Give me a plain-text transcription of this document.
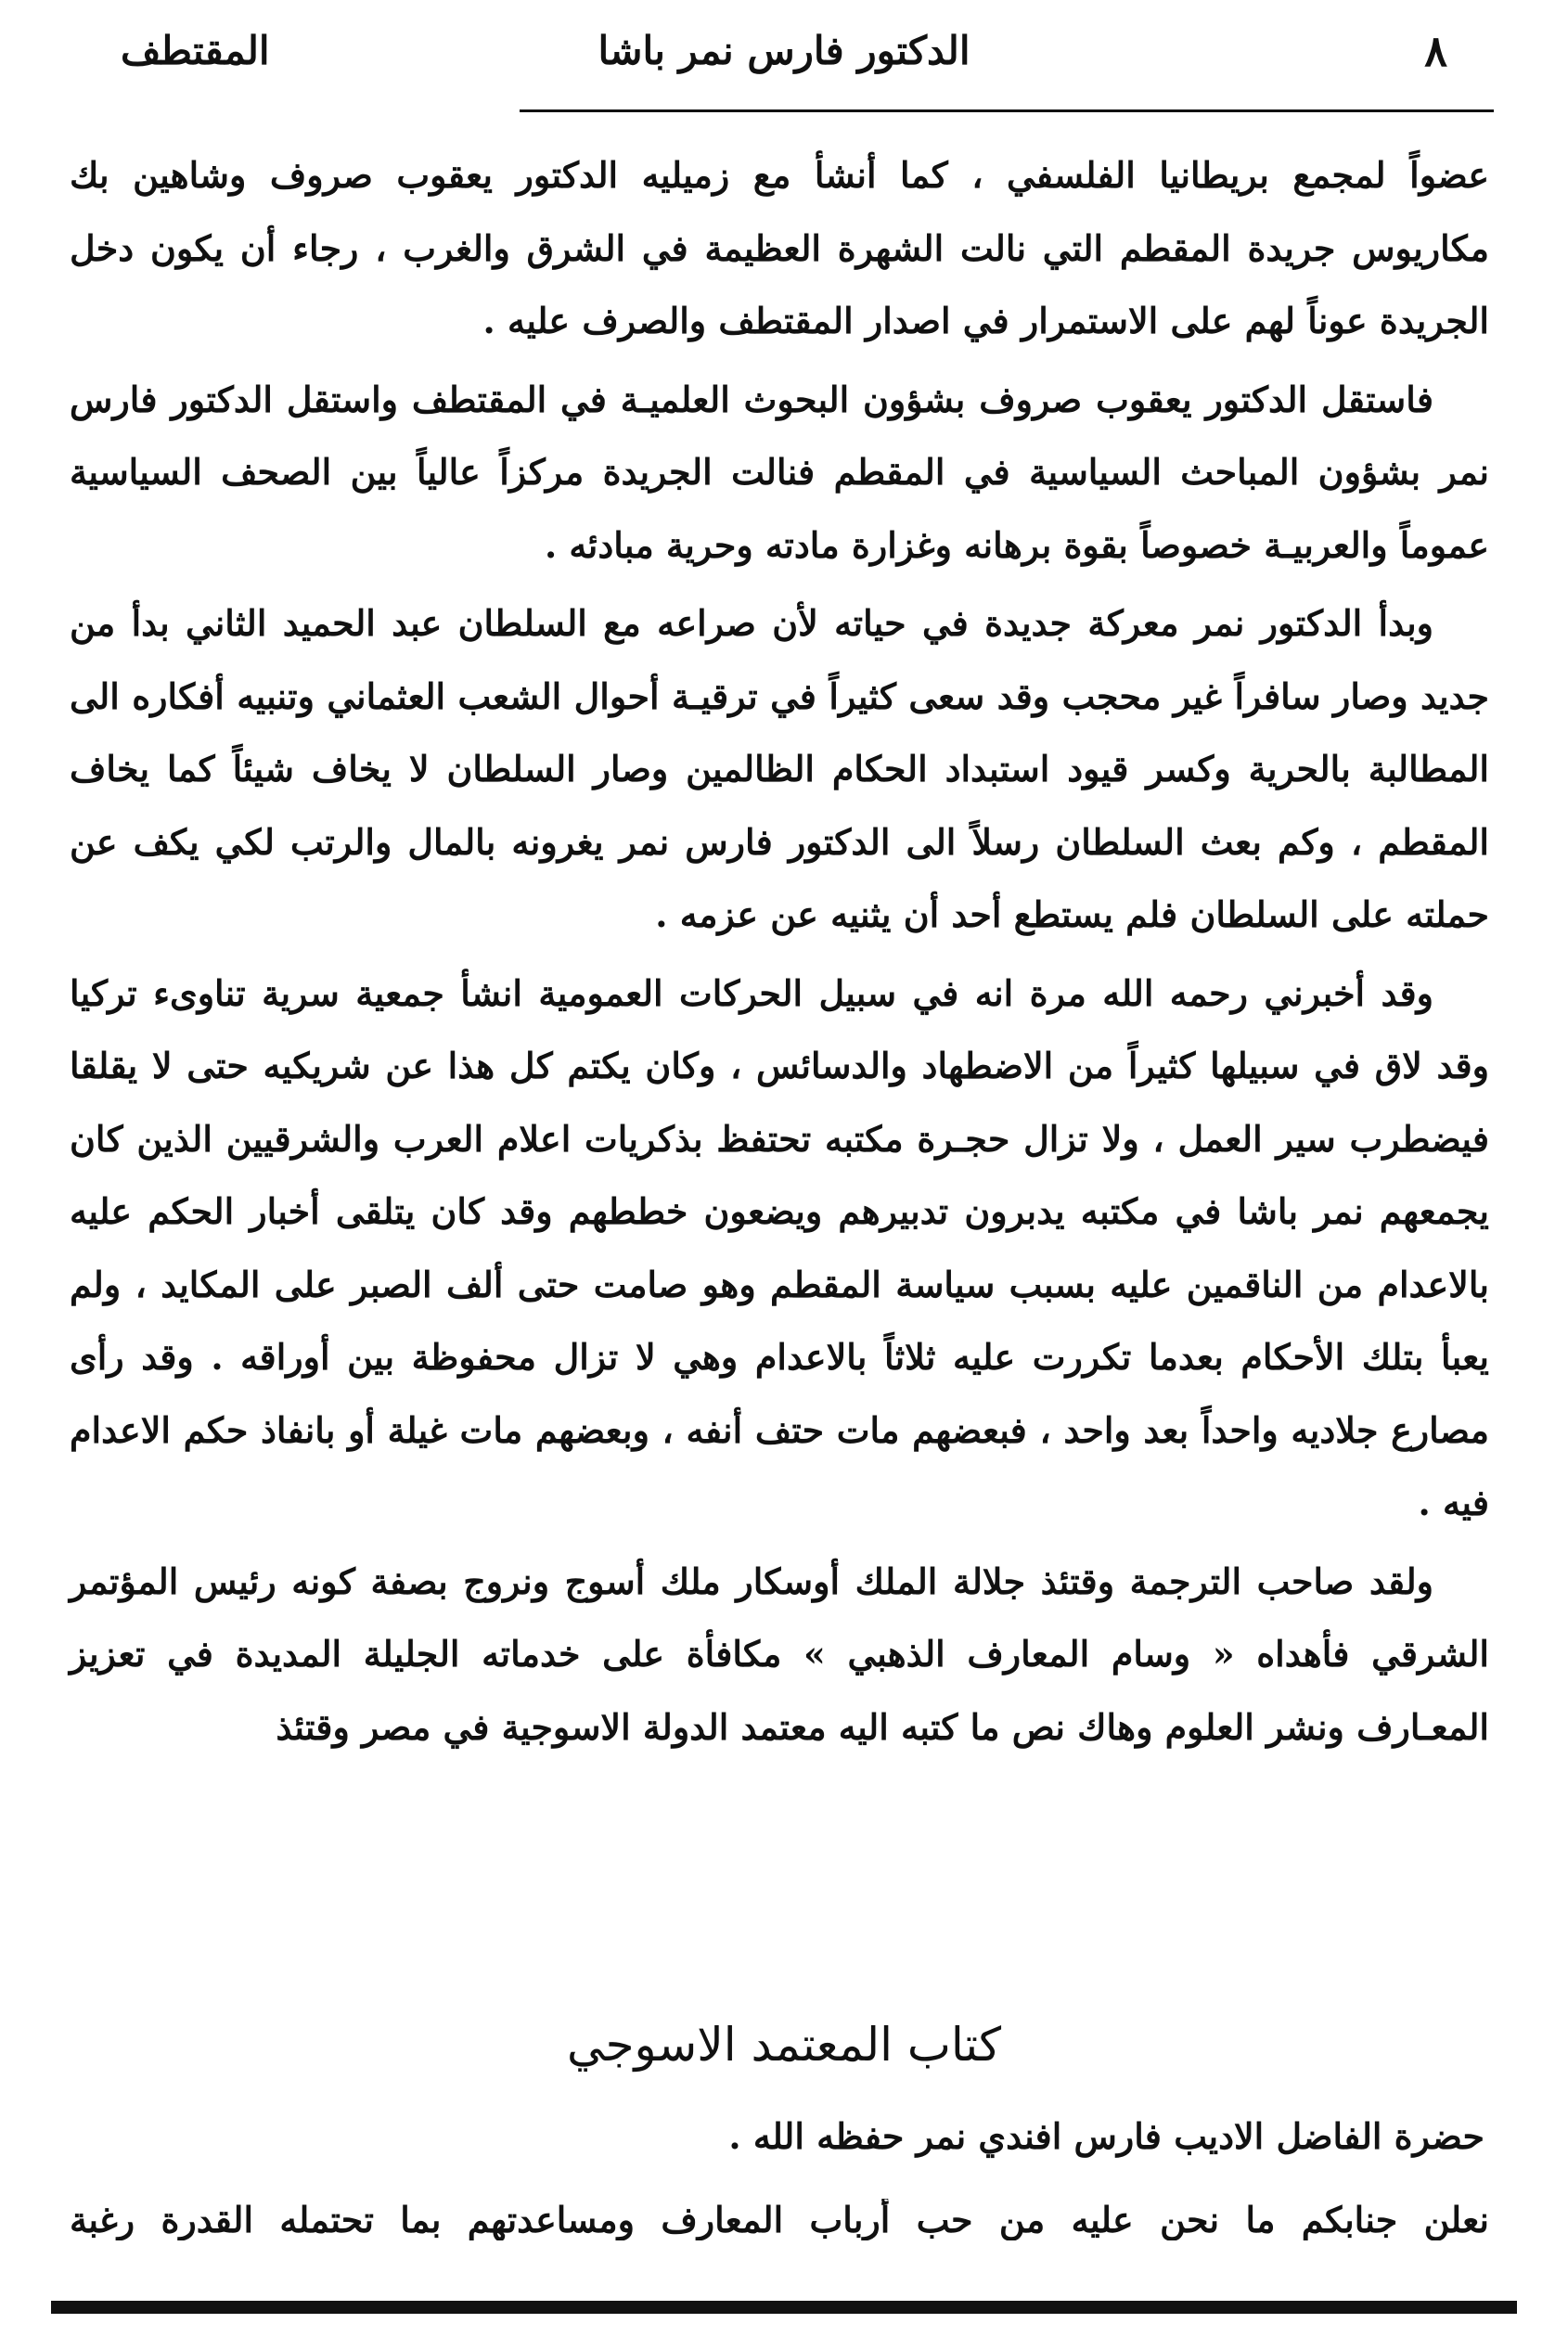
٨
الدكتور فارس نمر باشا
المقتطف

عضواً لمجمع بريطانيا الفلسفي ، كما أنشأ مع زميليه الدكتور يعقوب صروف وشاهين بك مكاريوس جريدة المقطم التي نالت الشهرة العظيمة في الشرق والغرب ، رجاء أن يكون دخل الجريدة عوناً لهم على الاستمرار في اصدار المقتطف والصرف عليه .

فاستقل الدكتور يعقوب صروف بشؤون البحوث العلميـة في المقتطف واستقل الدكتور فارس نمر بشؤون المباحث السياسية في المقطم فنالت الجريدة مركزاً عالياً بين الصحف السياسية عموماً والعربيـة خصوصاً بقوة برهانه وغزارة مادته وحرية مبادئه .

وبدأ الدكتور نمر معركة جديدة في حياته لأن صراعه مع السلطان عبد الحميد الثاني بدأ من جديد وصار سافراً غير محجب وقد سعى كثيراً في ترقيـة أحوال الشعب العثماني وتنبيه أفكاره الى المطالبة بالحرية وكسر قيود استبداد الحكام الظالمين وصار السلطان لا يخاف شيئاً كما يخاف المقطم ، وكم بعث السلطان رسلاً الى الدكتور فارس نمر يغرونه بالمال والرتب لكي يكف عن حملته على السلطان فلم يستطع أحد أن يثنيه عن عزمه .

وقد أخبرني رحمه الله مرة انه في سبيل الحركات العمومية انشأ جمعية سرية تناوىء تركيا وقد لاق في سبيلها كثيراً من الاضطهاد والدسائس ، وكان يكتم كل هذا عن شريكيه حتى لا يقلقا فيضطرب سير العمل ، ولا تزال حجـرة مكتبه تحتفظ بذكريات اعلام العرب والشرقيين الذين كان يجمعهم نمر باشا في مكتبه يدبرون تدبيرهم ويضعون خططهم وقد كان يتلقى أخبار الحكم عليه بالاعدام من الناقمين عليه بسبب سياسة المقطم وهو صامت حتى ألف الصبر على المكايد ، ولم يعبأ بتلك الأحكام بعدما تكررت عليه ثلاثاً بالاعدام وهي لا تزال محفوظة بين أوراقه . وقد رأى مصارع جلاديه واحداً بعد واحد ، فبعضهم مات حتف أنفه ، وبعضهم مات غيلة أو بانفاذ حكم الاعدام فيه .

ولقد صاحب الترجمة وقتئذ جلالة الملك أوسكار ملك أسوج ونروج بصفة كونه رئيس المؤتمر الشرقي فأهداه « وسام المعارف الذهبي » مكافأة على خدماته الجليلة المديدة في تعزيز المعـارف ونشر العلوم وهاك نص ما كتبه اليه معتمد الدولة الاسوجية في مصر وقتئذ

كتاب المعتمد الاسوجي
حضرة الفاضل الاديب فارس افندي نمر حفظه الله .
نعلن جنابكم ما نحن عليه من حب أرباب المعارف ومساعدتهم بما تحتمله القدرة رغبة
